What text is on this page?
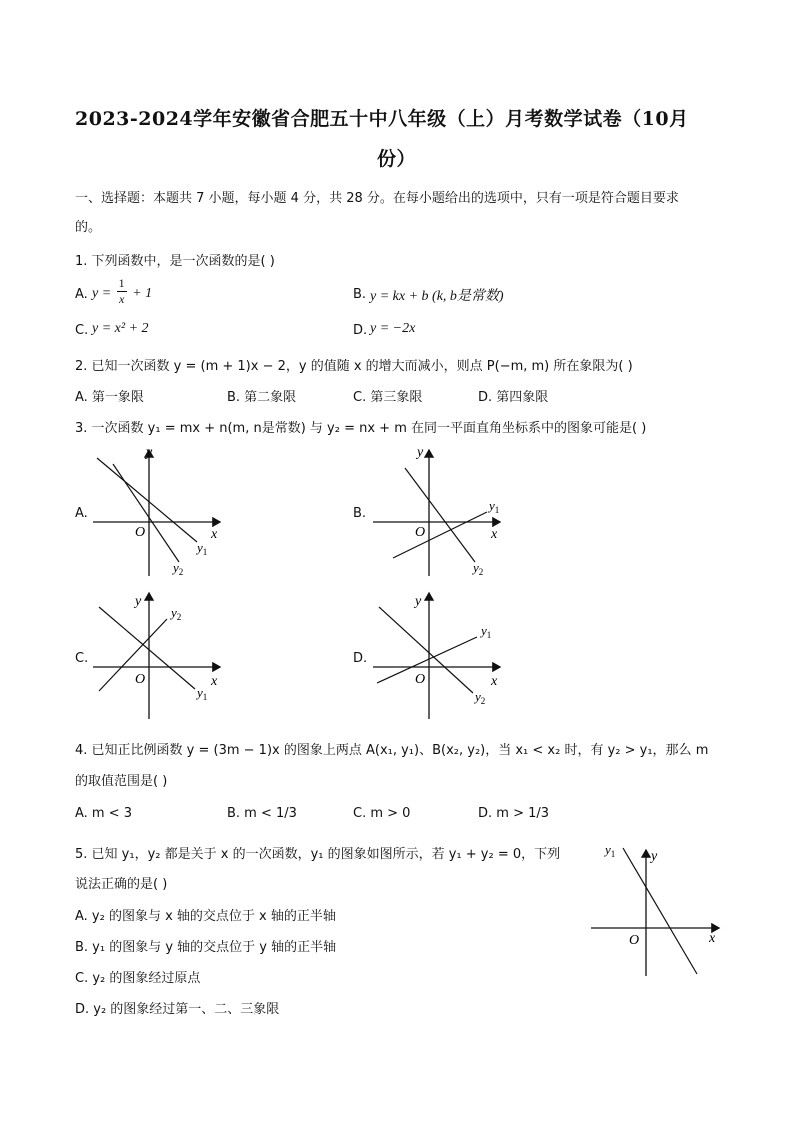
2023-2024学年安徽省合肥五十中八年级（上）月考数学试卷（10月
份）
一、选择题：本题共 7 小题，每小题 4 分，共 28 分。在每小题给出的选项中，只有一项是符合题目要求
的。
1. 下列函数中，是一次函数的是( )
A. $y = \frac{1}{x} + 1$	B. y = kx + b (k, b是常数)
C. y = x² + 2	D. y = −2x
2. 已知一次函数 y = (m + 1)x − 2，y 的值随 x 的增大而减小，则点 P(−m, m) 所在象限为( )
A. 第一象限	B. 第二象限	C. 第三象限	D. 第四象限
3. 一次函数 y₁ = mx + n(m, n是常数) 与 y₂ = nx + m 在同一平面直角坐标系中的图象可能是( )
A.	B.
C.	D.
y
x
O
$y_1$
$y_2$
y
x
O
$y_1$
$y_2$
y
x
O
$y_2$
$y_1$
y
x
O
$y_1$
$y_2$
4. 已知正比例函数 y = (3m − 1)x 的图象上两点 A(x₁, y₁)、B(x₂, y₂)，当 x₁ < x₂ 时，有 y₂ > y₁，那么 m
的取值范围是( )
A. m < 3	B. m < 1/3	C. m > 0	D. m > 1/3
5. 已知 y₁，y₂ 都是关于 x 的一次函数，y₁ 的图象如图所示，若 y₁ + y₂ = 0，下列
说法正确的是( )
A. y₂ 的图象与 x 轴的交点位于 x 轴的正半轴
B. y₁ 的图象与 y 轴的交点位于 y 轴的正半轴
C. y₂ 的图象经过原点
D. y₂ 的图象经过第一、二、三象限
$y_1$	y
x
O
